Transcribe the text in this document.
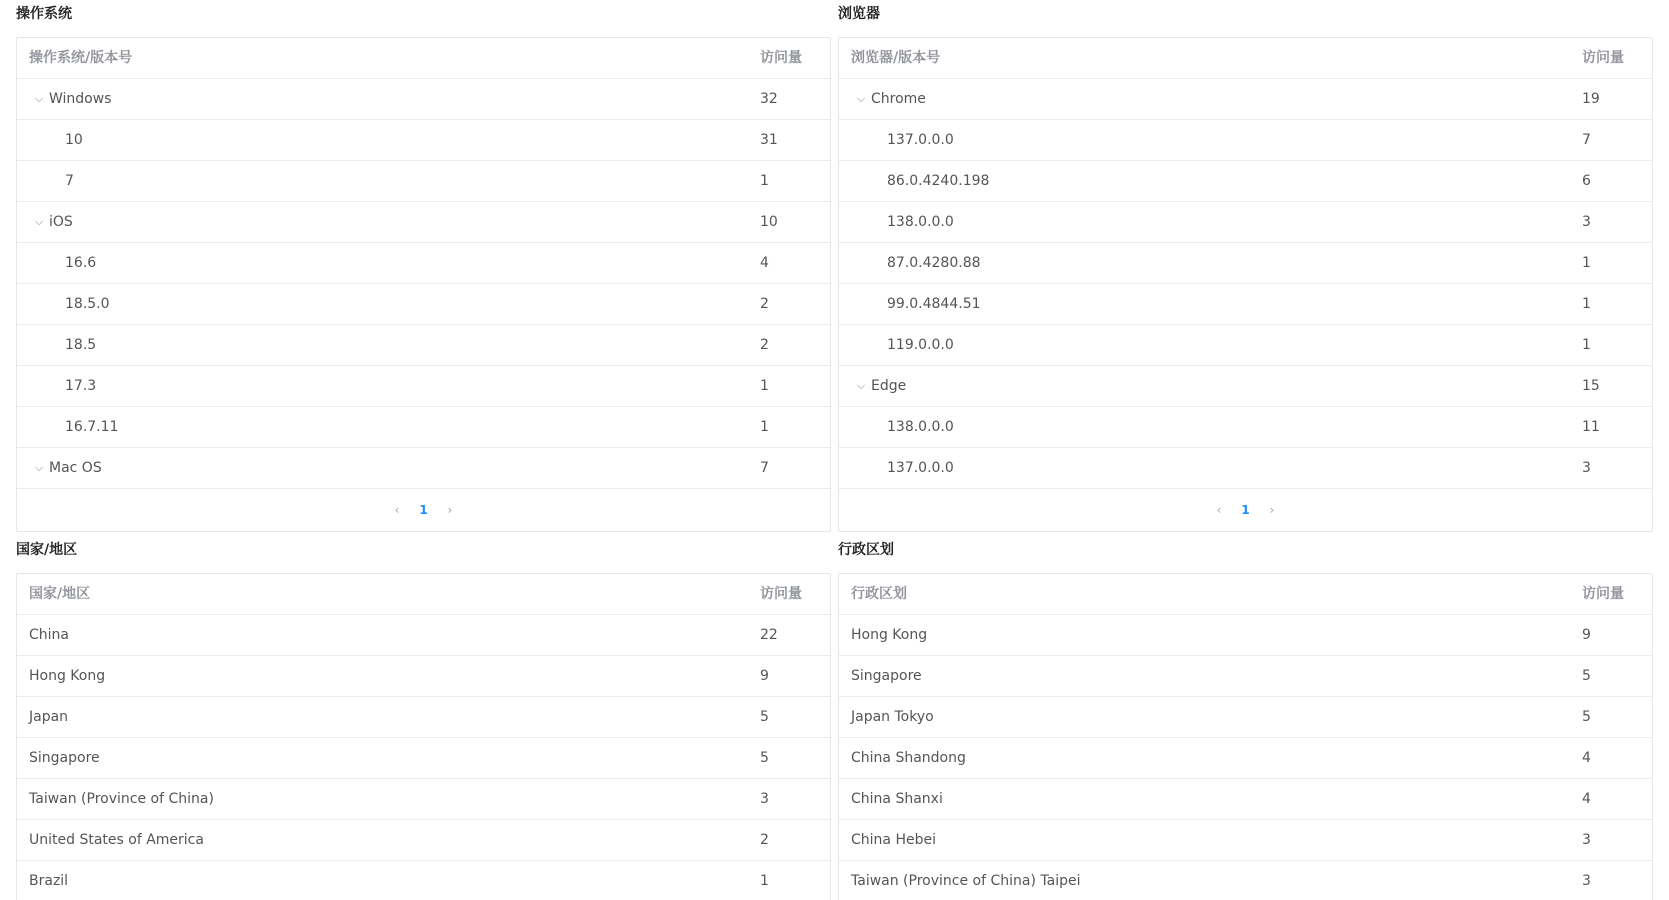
操作系统
操作系统/版本号	访问量
⌵ Windows	32
10	31
7	1
⌵ iOS	10
16.6	4
18.5.0	2
18.5	2
17.3	1
16.7.11	1
⌵ Mac OS	7
‹ 1 ›
浏览器
浏览器/版本号	访问量
⌵ Chrome	19
137.0.0.0	7
86.0.4240.198	6
138.0.0.0	3
87.0.4280.88	1
99.0.4844.51	1
119.0.0.0	1
⌵ Edge	15
138.0.0.0	11
137.0.0.0	3
‹ 1 ›
国家/地区
国家/地区	访问量
China	22
Hong Kong	9
Japan	5
Singapore	5
Taiwan (Province of China)	3
United States of America	2
Brazil	1
行政区划
行政区划	访问量
Hong Kong	9
Singapore	5
Japan Tokyo	5
China Shandong	4
China Shanxi	4
China Hebei	3
Taiwan (Province of China) Taipei	3
